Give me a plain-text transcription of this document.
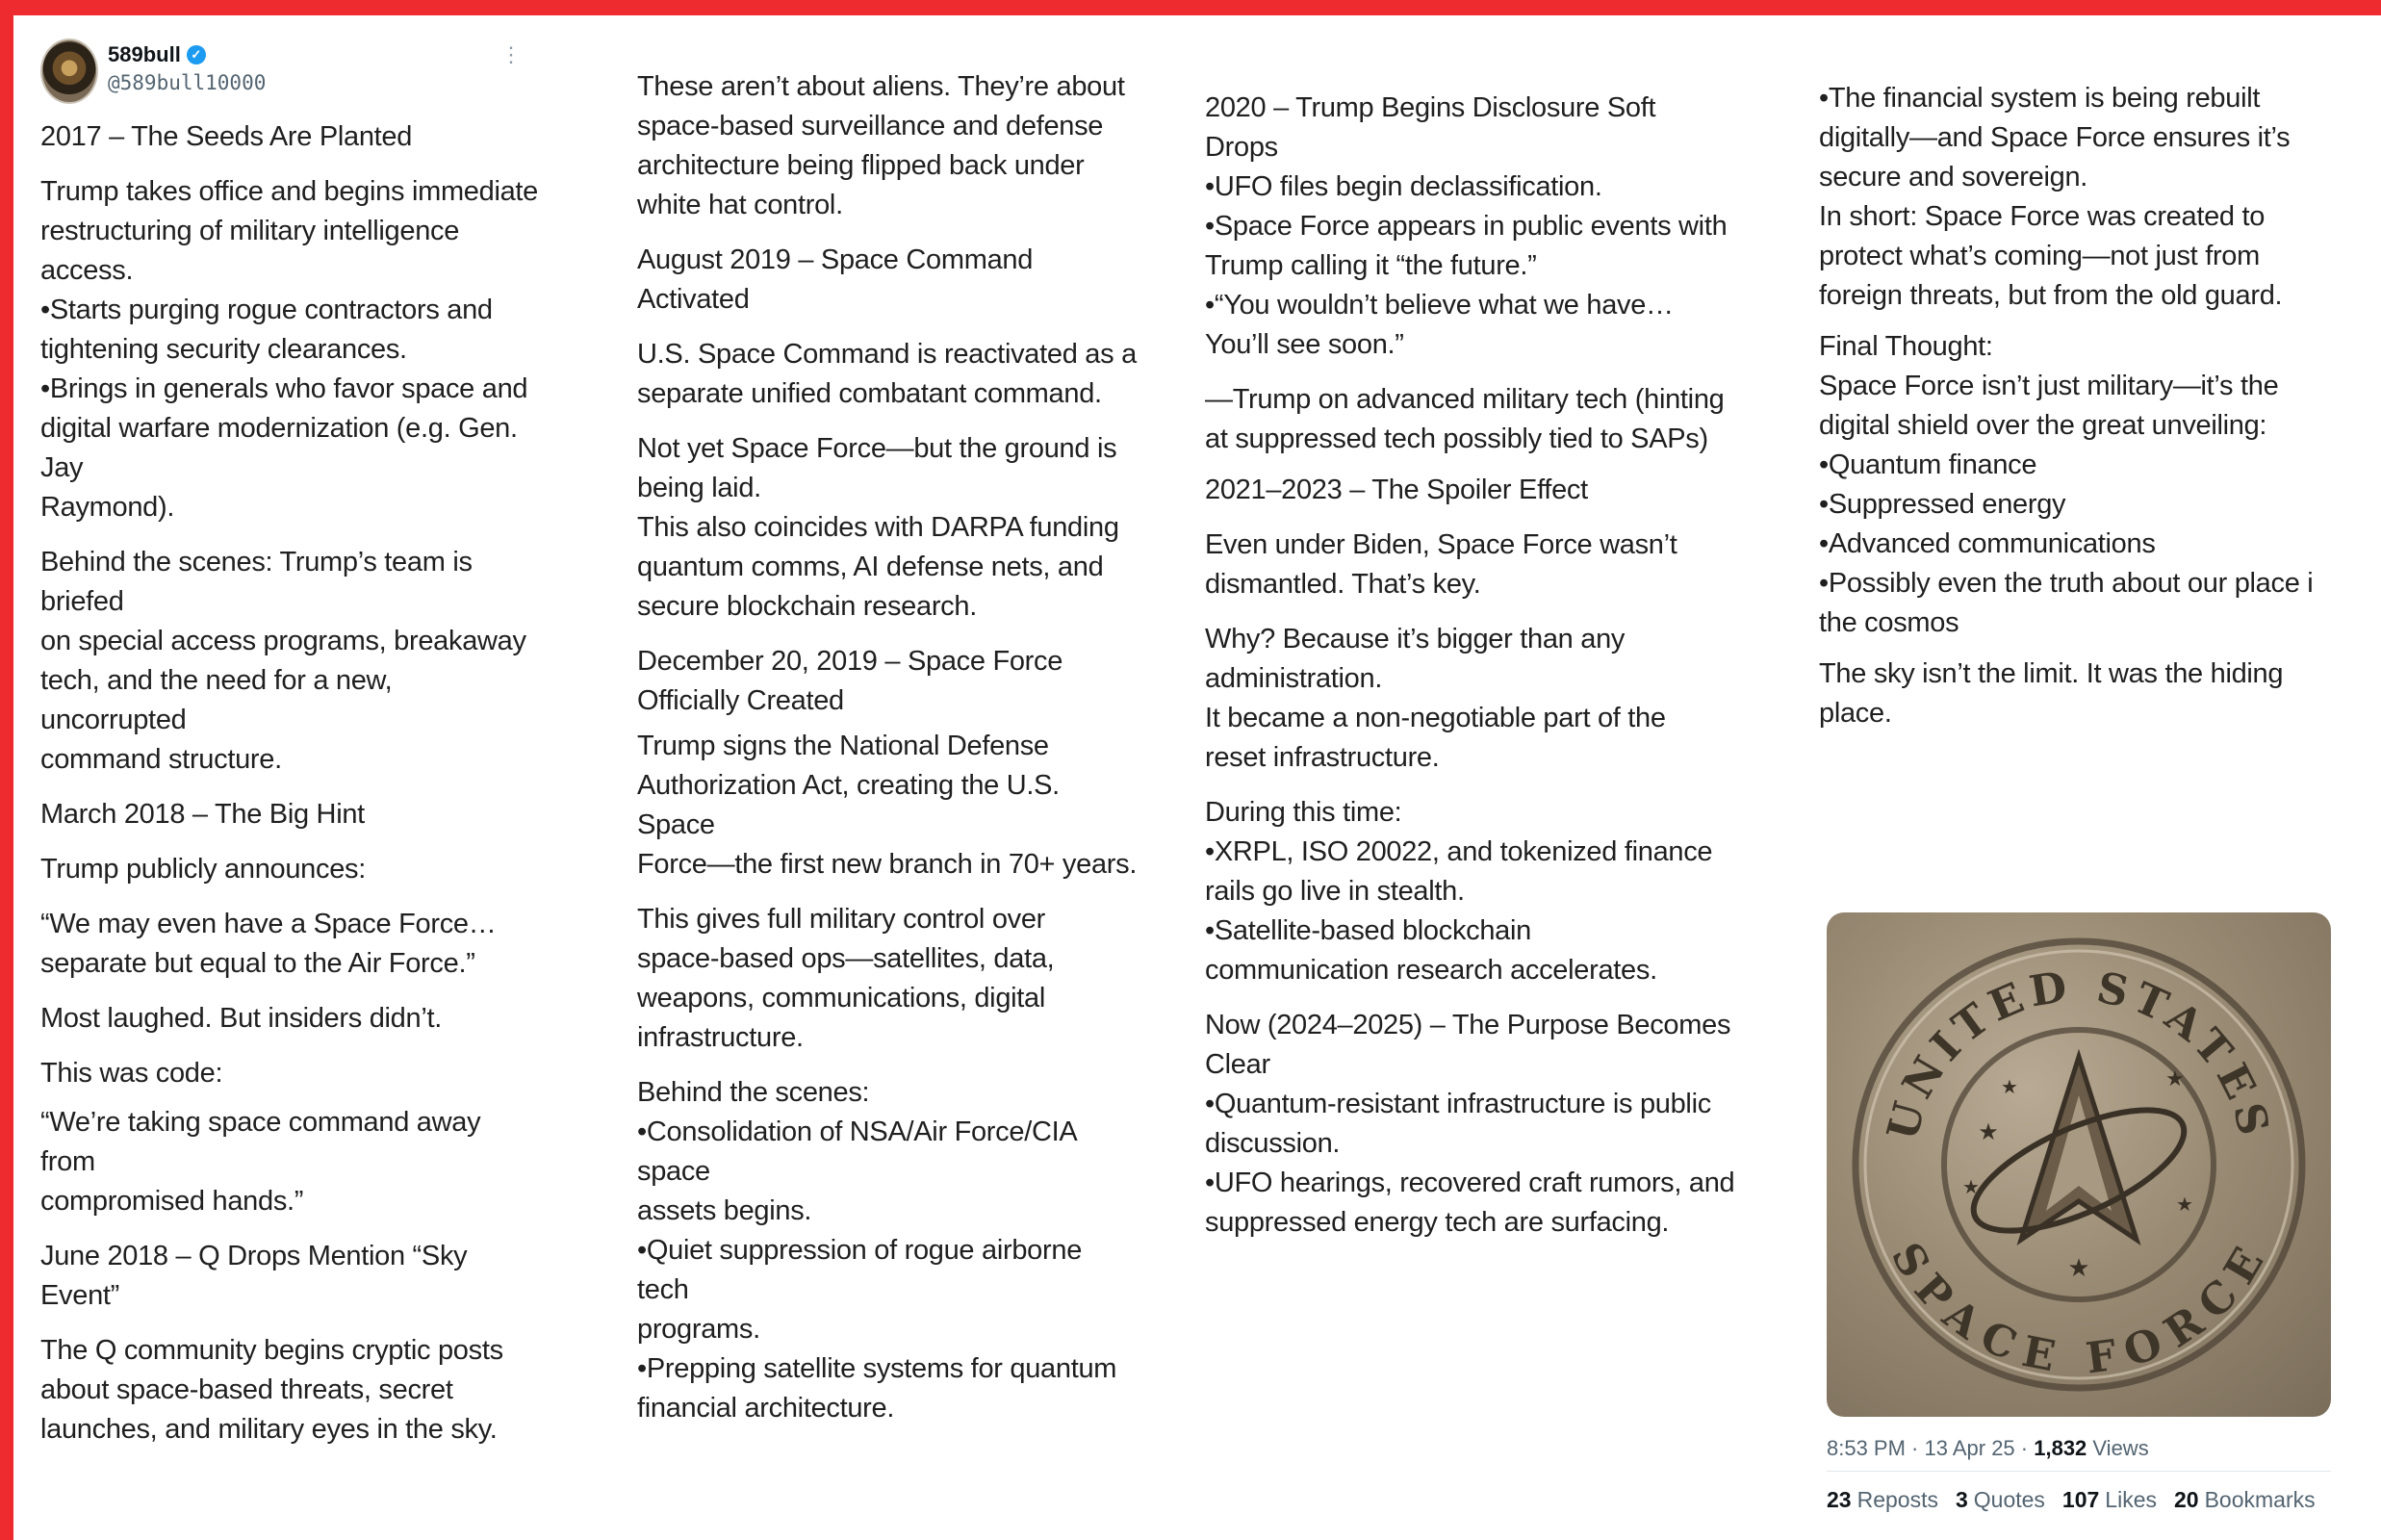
589bull ✓
@589bull10000
⋮

2017 – The Seeds Are Planted

Trump takes office and begins immediate

restructuring of military intelligence

access.

•Starts purging rogue contractors and

tightening security clearances.

•Brings in generals who favor space and

digital warfare modernization (e.g. Gen. Jay

Raymond).

Behind the scenes: Trump’s team is briefed

on special access programs, breakaway

tech, and the need for a new, uncorrupted

command structure.

March 2018 – The Big Hint

Trump publicly announces:

“We may even have a Space Force…

separate but equal to the Air Force.”

Most laughed. But insiders didn’t.

This was code:

“We’re taking space command away from

compromised hands.”

June 2018 – Q Drops Mention “Sky Event”

The Q community begins cryptic posts

about space-based threats, secret

launches, and military eyes in the sky.

These aren’t about aliens. They’re about

space-based surveillance and defense

architecture being flipped back under

white hat control.

August 2019 – Space Command Activated

U.S. Space Command is reactivated as a

separate unified combatant command.

Not yet Space Force—but the ground is

being laid.

This also coincides with DARPA funding

quantum comms, AI defense nets, and

secure blockchain research.

December 20, 2019 – Space Force

Officially Created

Trump signs the National Defense

Authorization Act, creating the U.S. Space

Force—the first new branch in 70+ years.

This gives full military control over

space-based ops—satellites, data,

weapons, communications, digital

infrastructure.

Behind the scenes:

•Consolidation of NSA/Air Force/CIA space

assets begins.

•Quiet suppression of rogue airborne tech

programs.

•Prepping satellite systems for quantum

financial architecture.

2020 – Trump Begins Disclosure Soft

Drops

•UFO files begin declassification.

•Space Force appears in public events with

Trump calling it “the future.”

•“You wouldn’t believe what we have…

You’ll see soon.”

—Trump on advanced military tech (hinting

at suppressed tech possibly tied to SAPs)

2021–2023 – The Spoiler Effect

Even under Biden, Space Force wasn’t

dismantled. That’s key.

Why? Because it’s bigger than any

administration.

It became a non-negotiable part of the

reset infrastructure.

During this time:

•XRPL, ISO 20022, and tokenized finance

rails go live in stealth.

•Satellite-based blockchain

communication research accelerates.

Now (2024–2025) – The Purpose Becomes

Clear

•Quantum-resistant infrastructure is public

discussion.

•UFO hearings, recovered craft rumors, and

suppressed energy tech are surfacing.

•The financial system is being rebuilt

digitally—and Space Force ensures it’s

secure and sovereign.

In short: Space Force was created to

protect what’s coming—not just from

foreign threats, but from the old guard.

Final Thought:

Space Force isn’t just military—it’s the

digital shield over the great unveiling:

•Quantum finance

•Suppressed energy

•Advanced communications

•Possibly even the truth about our place i

the cosmos

The sky isn’t the limit. It was the hiding

place.

UNITED STATES
SPACE FORCE
★
★
★	★
★
★
8:53 PM · 13 Apr 25 · 1,832 Views
23 Reposts 3 Quotes 107 Likes 20 Bookmarks
